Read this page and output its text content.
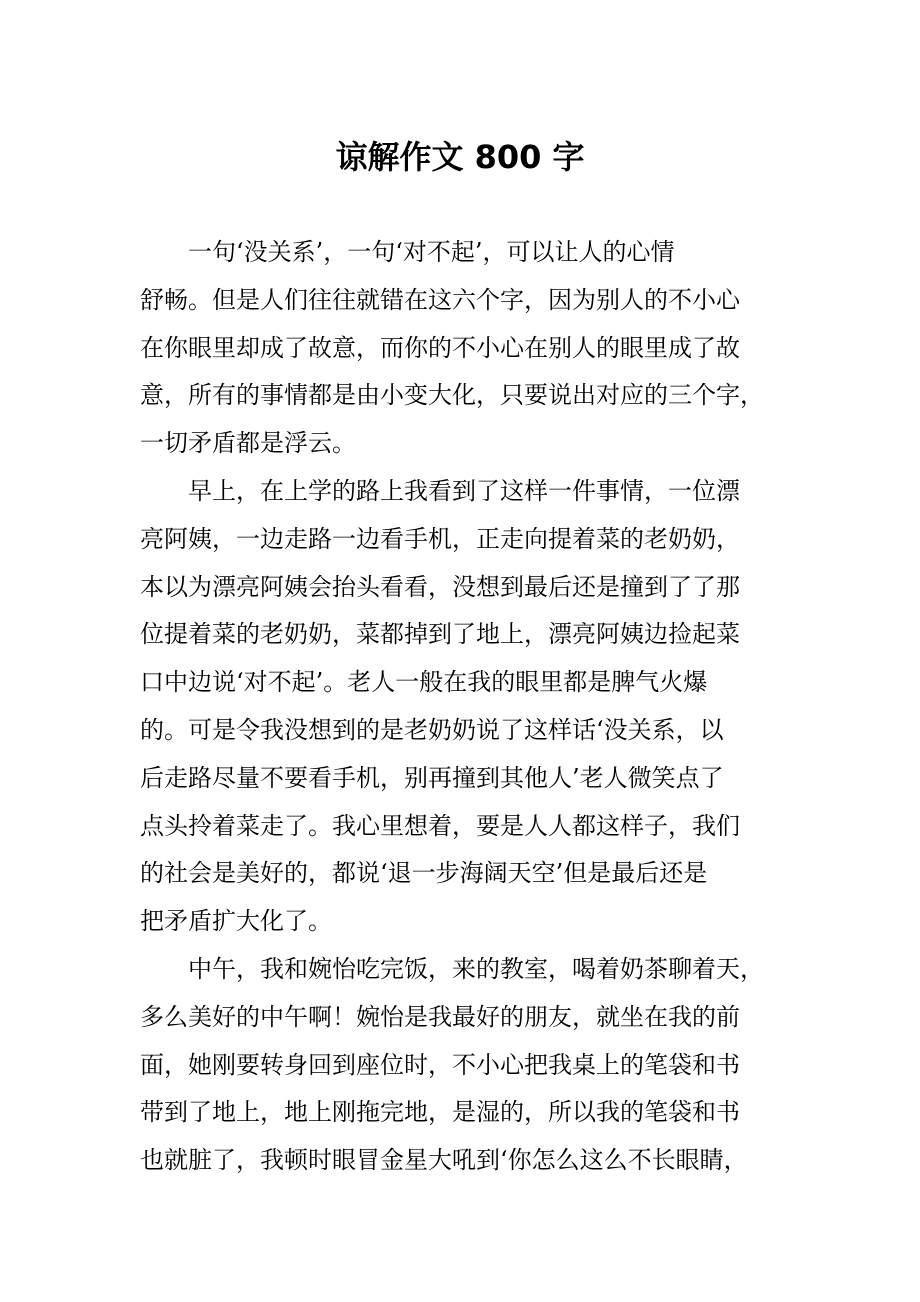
谅解作文 800 字

一句‘没关系’，一句‘对不起’，可以让人的心情
舒畅。但是人们往往就错在这六个字，因为别人的不小心
在你眼里却成了故意，而你的不小心在别人的眼里成了故
意，所有的事情都是由小变大化，只要说出对应的三个字，
一切矛盾都是浮云。

早上，在上学的路上我看到了这样一件事情，一位漂
亮阿姨，一边走路一边看手机，正走向提着菜的老奶奶，
本以为漂亮阿姨会抬头看看，没想到最后还是撞到了了那
位提着菜的老奶奶，菜都掉到了地上，漂亮阿姨边捡起菜
口中边说‘对不起’。老人一般在我的眼里都是脾气火爆
的。可是令我没想到的是老奶奶说了这样话‘没关系，以
后走路尽量不要看手机，别再撞到其他人’老人微笑点了
点头拎着菜走了。我心里想着，要是人人都这样子，我们
的社会是美好的，都说‘退一步海阔天空’但是最后还是
把矛盾扩大化了。

中午，我和婉怡吃完饭，来的教室，喝着奶茶聊着天，
多么美好的中午啊！婉怡是我最好的朋友，就坐在我的前
面，她刚要转身回到座位时，不小心把我桌上的笔袋和书
带到了地上，地上刚拖完地，是湿的，所以我的笔袋和书
也就脏了，我顿时眼冒金星大吼到‘你怎么这么不长眼睛，
